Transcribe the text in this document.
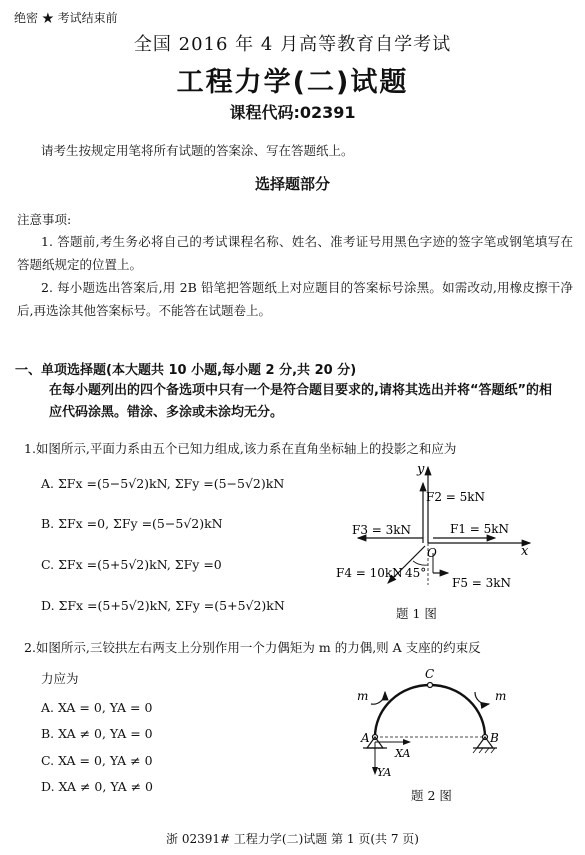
绝密 ★ 考试结束前
全国 2016 年 4 月高等教育自学考试
工程力学(二)试题
课程代码:02391
请考生按规定用笔将所有试题的答案涂、写在答题纸上。
选择题部分
注意事项:
1. 答题前,考生务必将自己的考试课程名称、姓名、准考证号用黑色字迹的签字笔或钢笔填写在答题纸规定的位置上。
2. 每小题选出答案后,用 2B 铅笔把答题纸上对应题目的答案标号涂黑。如需改动,用橡皮擦干净后,再选涂其他答案标号。不能答在试题卷上。
一、单项选择题(本大题共 10 小题,每小题 2 分,共 20 分)
在每小题列出的四个备选项中只有一个是符合题目要求的,请将其选出并将“答题纸”的相应代码涂黑。错涂、多涂或未涂均无分。
1.如图所示,平面力系由五个已知力组成,该力系在直角坐标轴上的投影之和应为
A. ΣFx =(5−5√2)kN, ΣFy =(5−5√2)kN
B. ΣFx =0, ΣFy =(5−5√2)kN
C. ΣFx =(5+5√2)kN, ΣFy =0
D. ΣFx =(5+5√2)kN, ΣFy =(5+5√2)kN
y
x
O
F2 = 5kN
F1 = 5kN
F3 = 3kN
F4 = 10kN 45°
F5 = 3kN
题 1 图
2.如图所示,三铰拱左右两支上分别作用一个力偶矩为 m 的力偶,则 A 支座的约束反
力应为
A. XA = 0, YA = 0
B. XA ≠ 0, YA = 0
C. XA = 0, YA ≠ 0
D. XA ≠ 0, YA ≠ 0
C
A	B
XA
YA
m	m
题 2 图
浙 02391# 工程力学(二)试题 第 1 页(共 7 页)
